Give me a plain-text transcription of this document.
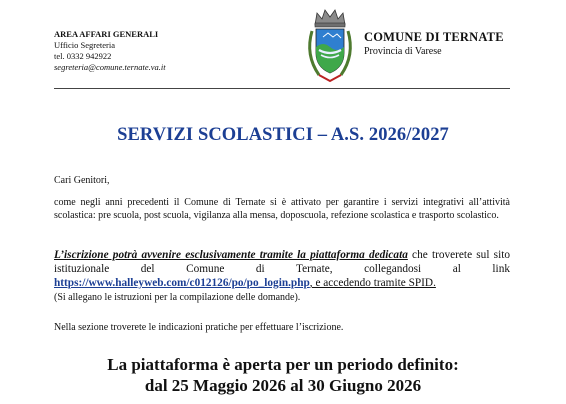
AREA AFFARI GENERALI
Ufficio Segreteria
tel. 0332 942922
segreteria@comune.ternate.va.it
COMUNE DI TERNATE
Provincia di Varese
SERVIZI SCOLASTICI – A.S. 2026/2027
Cari Genitori,
come negli anni precedenti il Comune di Ternate si è attivato per garantire i servizi integrativi all’attività scolastica: pre scuola, post scuola, vigilanza alla mensa, doposcuola, refezione scolastica e trasporto scolastico.
L’iscrizione potrà avvenire esclusivamente tramite la piattaforma dedicata che troverete sul sito istituzionale del Comune di Ternate, collegandosi al link https://www.halleyweb.com/c012126/po/po_login.php, e accedendo tramite SPID.
(Si allegano le istruzioni per la compilazione delle domande).
Nella sezione troverete le indicazioni pratiche per effettuare l’iscrizione.
La piattaforma è aperta per un periodo definito:
dal 25 Maggio 2026 al 30 Giugno 2026
